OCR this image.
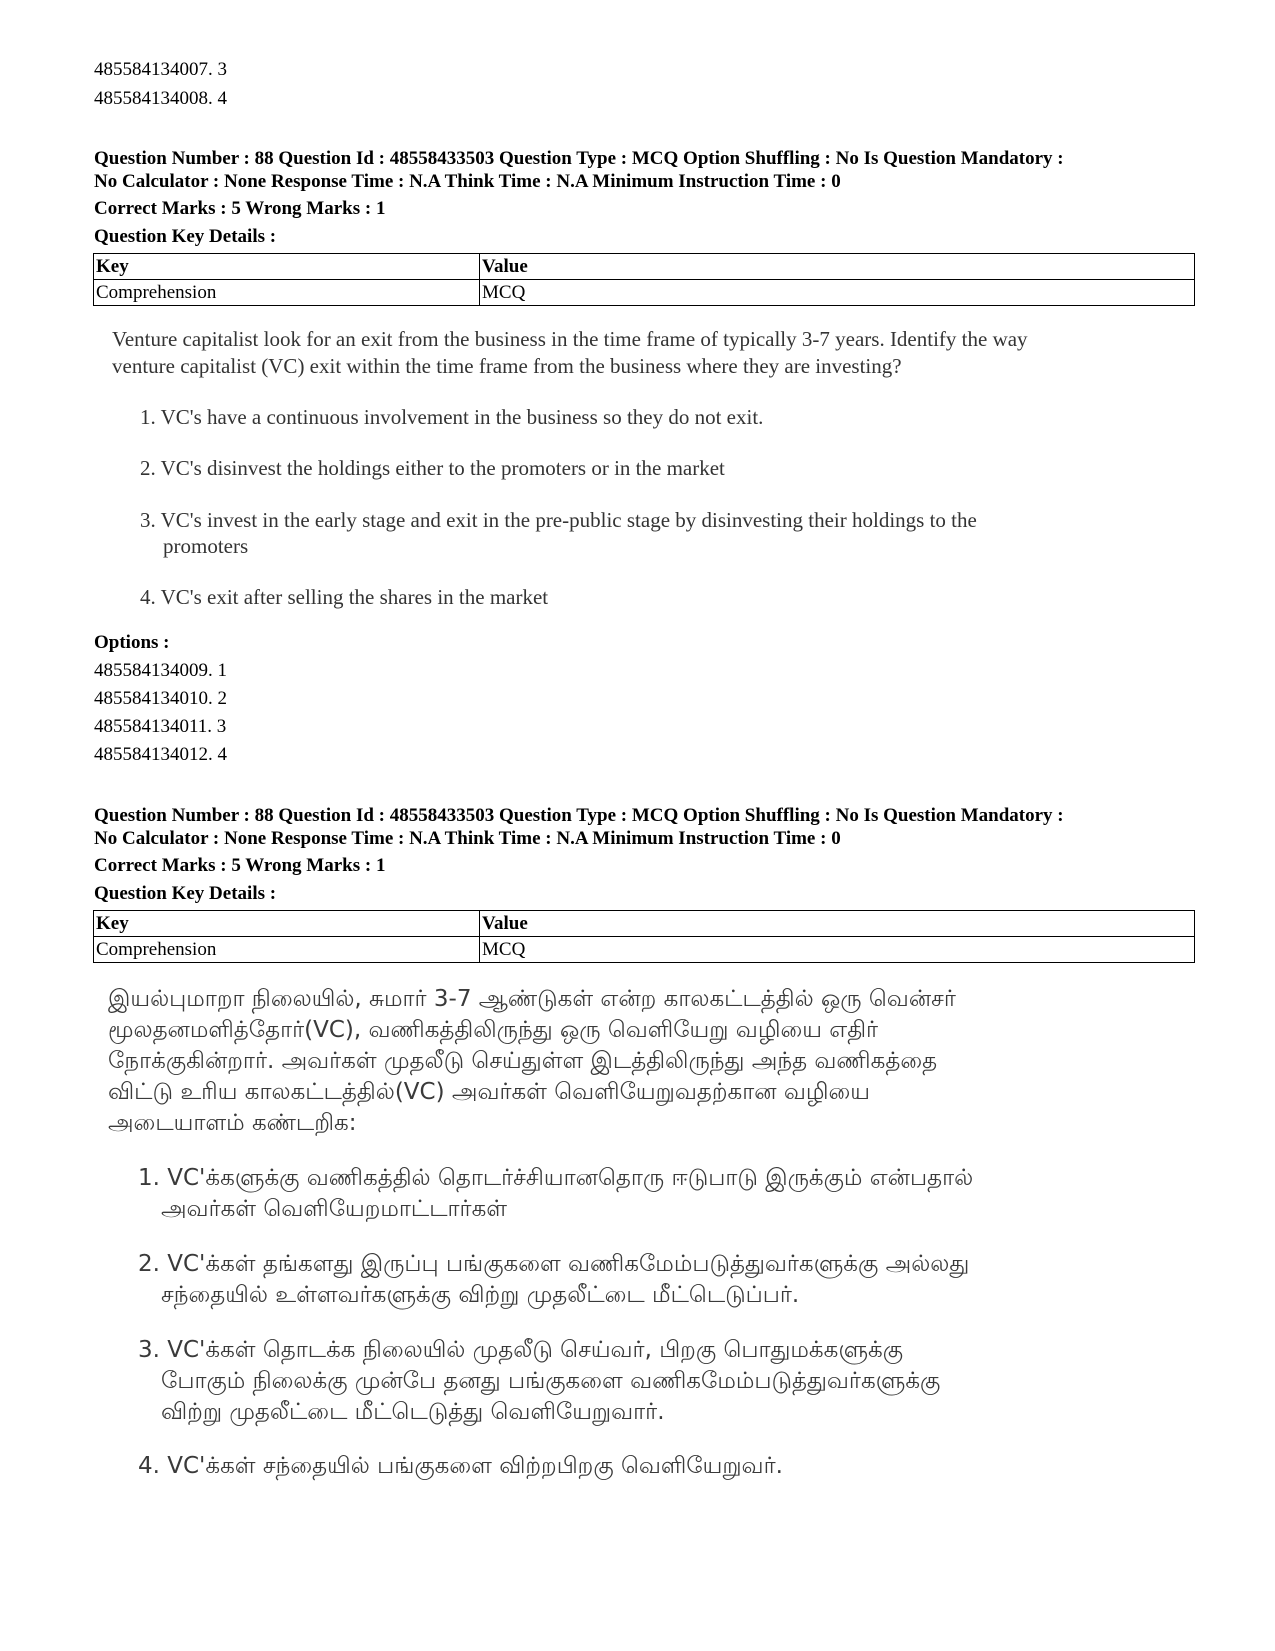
485584134007. 3
485584134008. 4
Question Number : 88 Question Id : 48558433503 Question Type : MCQ Option Shuffling : No Is Question Mandatory :
No Calculator : None Response Time : N.A Think Time : N.A Minimum Instruction Time : 0
Correct Marks : 5 Wrong Marks : 1
Question Key Details :
Key	Value
Comprehension	MCQ
Venture capitalist look for an exit from the business in the time frame of typically 3-7 years. Identify the way
venture capitalist (VC) exit within the time frame from the business where they are investing?
1. VC's have a continuous involvement in the business so they do not exit.
2. VC's disinvest the holdings either to the promoters or in the market
3. VC's invest in the early stage and exit in the pre-public stage by disinvesting their holdings to the
promoters
4. VC's exit after selling the shares in the market
Options :
485584134009. 1
485584134010. 2
485584134011. 3
485584134012. 4
Question Number : 88 Question Id : 48558433503 Question Type : MCQ Option Shuffling : No Is Question Mandatory :
No Calculator : None Response Time : N.A Think Time : N.A Minimum Instruction Time : 0
Correct Marks : 5 Wrong Marks : 1
Question Key Details :
Key	Value
Comprehension	MCQ
இயல்புமாறா நிலையில், சுமார் 3-7 ஆண்டுகள் என்ற காலகட்டத்தில் ஒரு வென்சர்
மூலதனமளித்தோர்(VC), வணிகத்திலிருந்து ஒரு வெளியேறு வழியை எதிர்
நோக்குகின்றார். அவர்கள் முதலீடு செய்துள்ள இடத்திலிருந்து அந்த வணிகத்தை
விட்டு உரிய காலகட்டத்தில்(VC) அவர்கள் வெளியேறுவதற்கான வழியை
அடையாளம் கண்டறிக:
1. VC'க்களுக்கு வணிகத்தில் தொடர்ச்சியானதொரு ஈடுபாடு இருக்கும் என்பதால்
அவர்கள் வெளியேறமாட்டார்கள்
2. VC'க்கள் தங்களது இருப்பு பங்குகளை வணிகமேம்படுத்துவர்களுக்கு அல்லது
சந்தையில் உள்ளவர்களுக்கு விற்று முதலீட்டை மீட்டெடுப்பர்.
3. VC'க்கள் தொடக்க நிலையில் முதலீடு செய்வர், பிறகு பொதுமக்களுக்கு
போகும் நிலைக்கு முன்பே தனது பங்குகளை வணிகமேம்படுத்துவர்களுக்கு
விற்று முதலீட்டை மீட்டெடுத்து வெளியேறுவார்.
4. VC'க்கள் சந்தையில் பங்குகளை விற்றபிறகு வெளியேறுவர்.
